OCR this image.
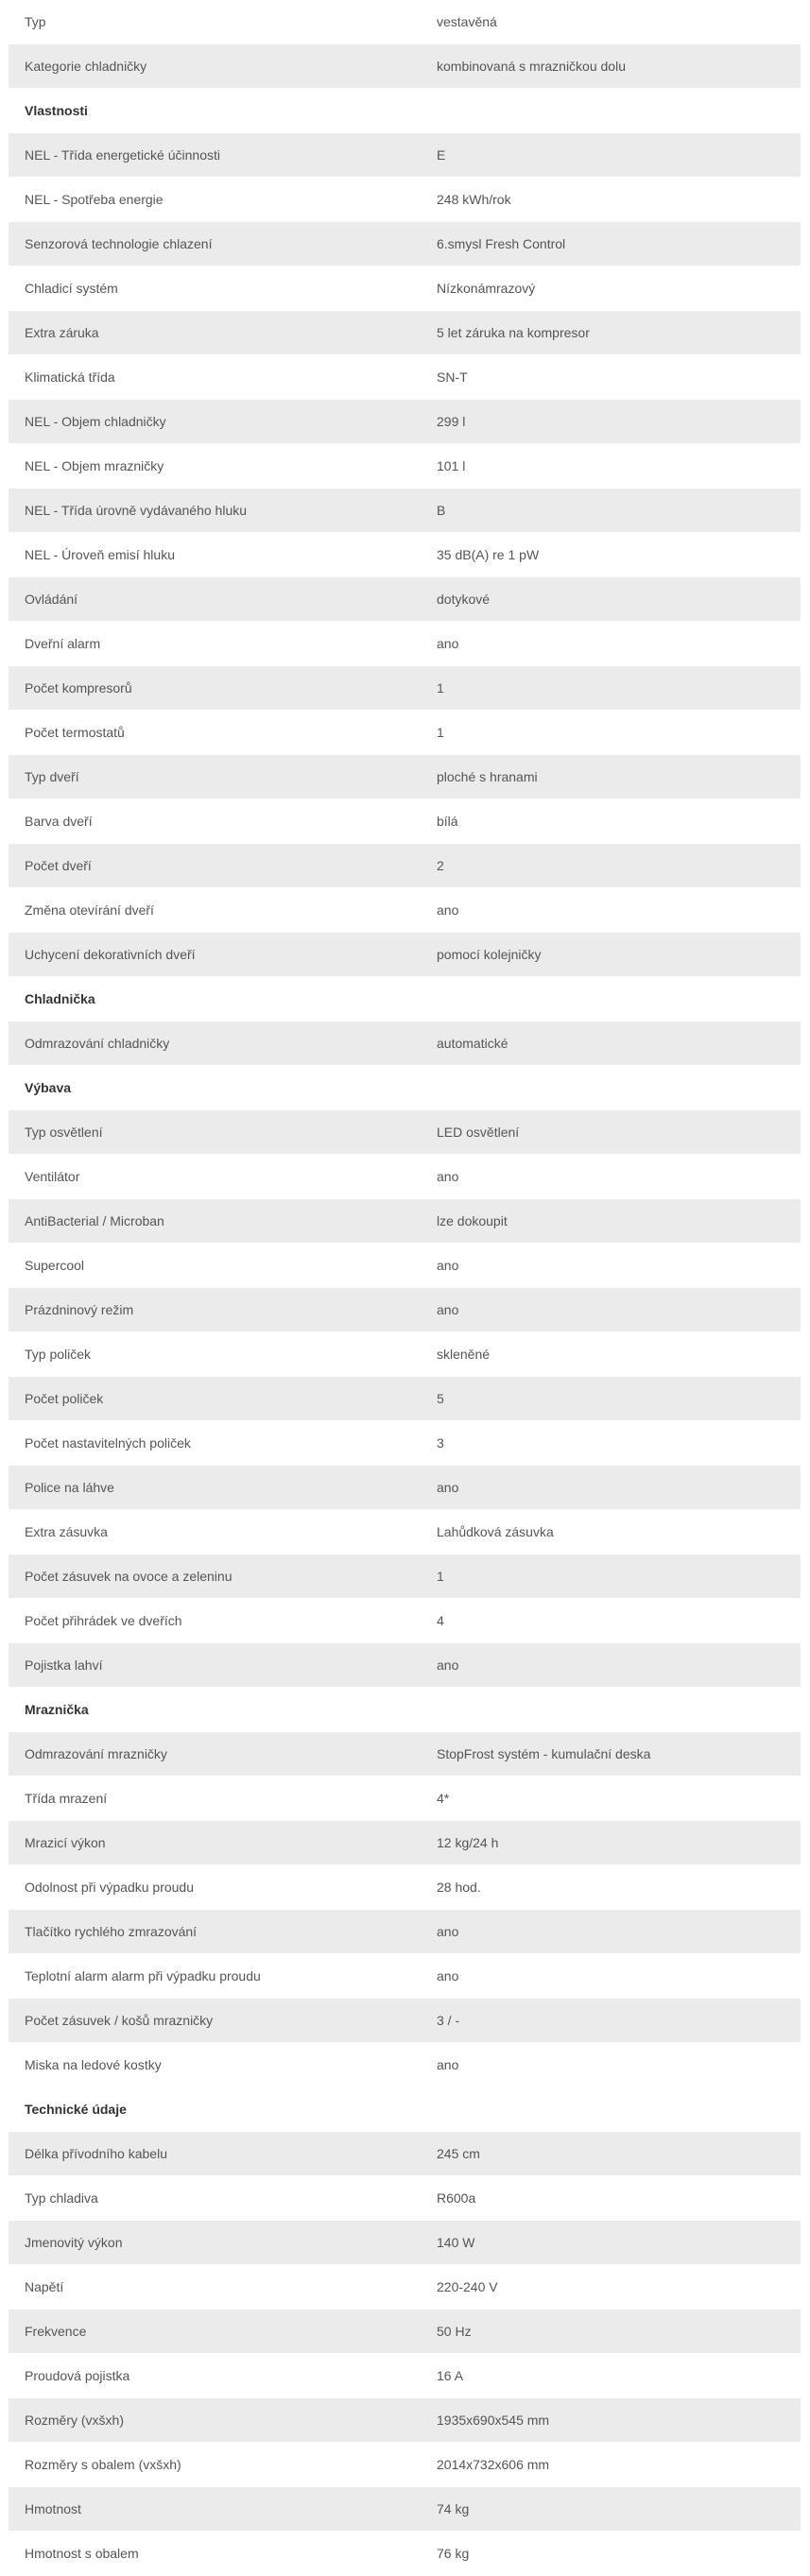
Typ	vestavěná
Kategorie chladničky	kombinovaná s mrazničkou dolu
Vlastnosti
NEL - Třída energetické účinnosti	E
NEL - Spotřeba energie	248 kWh/rok
Senzorová technologie chlazení	6.smysl Fresh Control
Chladicí systém	Nízkonámrazový
Extra záruka	5 let záruka na kompresor
Klimatická třída	SN-T
NEL - Objem chladničky	299 l
NEL - Objem mrazničky	101 l
NEL - Třída úrovně vydávaného hluku	B
NEL - Úroveň emisí hluku	35 dB(A) re 1 pW
Ovládání	dotykové
Dveřní alarm	ano
Počet kompresorů	1
Počet termostatů	1
Typ dveří	ploché s hranami
Barva dveří	bílá
Počet dveří	2
Změna otevírání dveří	ano
Uchycení dekorativních dveří	pomocí kolejničky
Chladnička
Odmrazování chladničky	automatické
Výbava
Typ osvětlení	LED osvětlení
Ventilátor	ano
AntiBacterial / Microban	lze dokoupit
Supercool	ano
Prázdninový režim	ano
Typ poliček	skleněné
Počet poliček	5
Počet nastavitelných poliček	3
Police na láhve	ano
Extra zásuvka	Lahůdková zásuvka
Počet zásuvek na ovoce a zeleninu	1
Počet přihrádek ve dveřích	4
Pojistka lahví	ano
Mraznička
Odmrazování mrazničky	StopFrost systém - kumulační deska
Třída mrazení	4*
Mrazicí výkon	12 kg/24 h
Odolnost při výpadku proudu	28 hod.
Tlačítko rychlého zmrazování	ano
Teplotní alarm alarm při výpadku proudu	ano
Počet zásuvek / košů mrazničky	3 / -
Miska na ledové kostky	ano
Technické údaje
Délka přívodního kabelu	245 cm
Typ chladiva	R600a
Jmenovitý výkon	140 W
Napětí	220-240 V
Frekvence	50 Hz
Proudová pojistka	16 A
Rozměry (vxšxh)	1935x690x545 mm
Rozměry s obalem (vxšxh)	2014x732x606 mm
Hmotnost	74 kg
Hmotnost s obalem	76 kg
